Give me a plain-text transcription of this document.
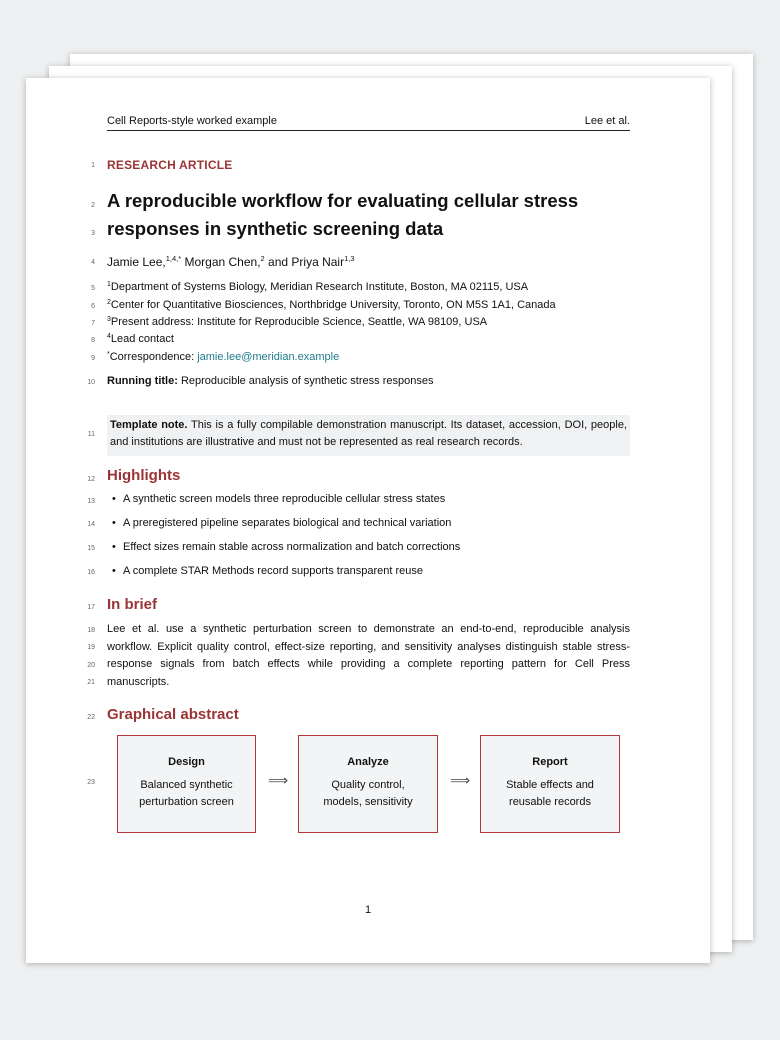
Cell Reports-style worked example	Lee et al.
1
2
3
4
5
6
7
8
9
10
11
12
13
14
15
16
17
18
19
20
21
22
23
RESEARCH ARTICLE
A reproducible workflow for evaluating cellular stress
responses in synthetic screening data
Jamie Lee,$^{1,4,*}$ Morgan Chen,$^2$ and Priya Nair$^{1,3}$
$^1$Department of Systems Biology, Meridian Research Institute, Boston, MA 02115, USA
$^2$Center for Quantitative Biosciences, Northbridge University, Toronto, ON M5S 1A1, Canada
$^3$Present address: Institute for Reproducible Science, Seattle, WA 98109, USA
$^4$Lead contact
*Correspondence: jamie.lee@meridian.example
Running title: Reproducible analysis of synthetic stress responses
Template note. This is a fully compilable demonstration manuscript. Its dataset, accession, DOI, people, and institutions are illustrative and must not be represented as real research records.
Highlights
• A synthetic screen models three reproducible cellular stress states
• A preregistered pipeline separates biological and technical variation
• Effect sizes remain stable across normalization and batch corrections
• A complete STAR Methods record supports transparent reuse
In brief
Lee et al. use a synthetic perturbation screen to demonstrate an end-to-end, reproducible analysis workflow. Explicit quality control, effect-size reporting, and sensitivity analyses distinguish stable stress-response signals from batch effects while providing a complete reporting pattern for Cell Press manuscripts.
Graphical abstract
Design
Balanced synthetic
perturbation screen
⟹
Analyze
Quality control,
models, sensitivity
⟹
Report
Stable effects and
reusable records
1
